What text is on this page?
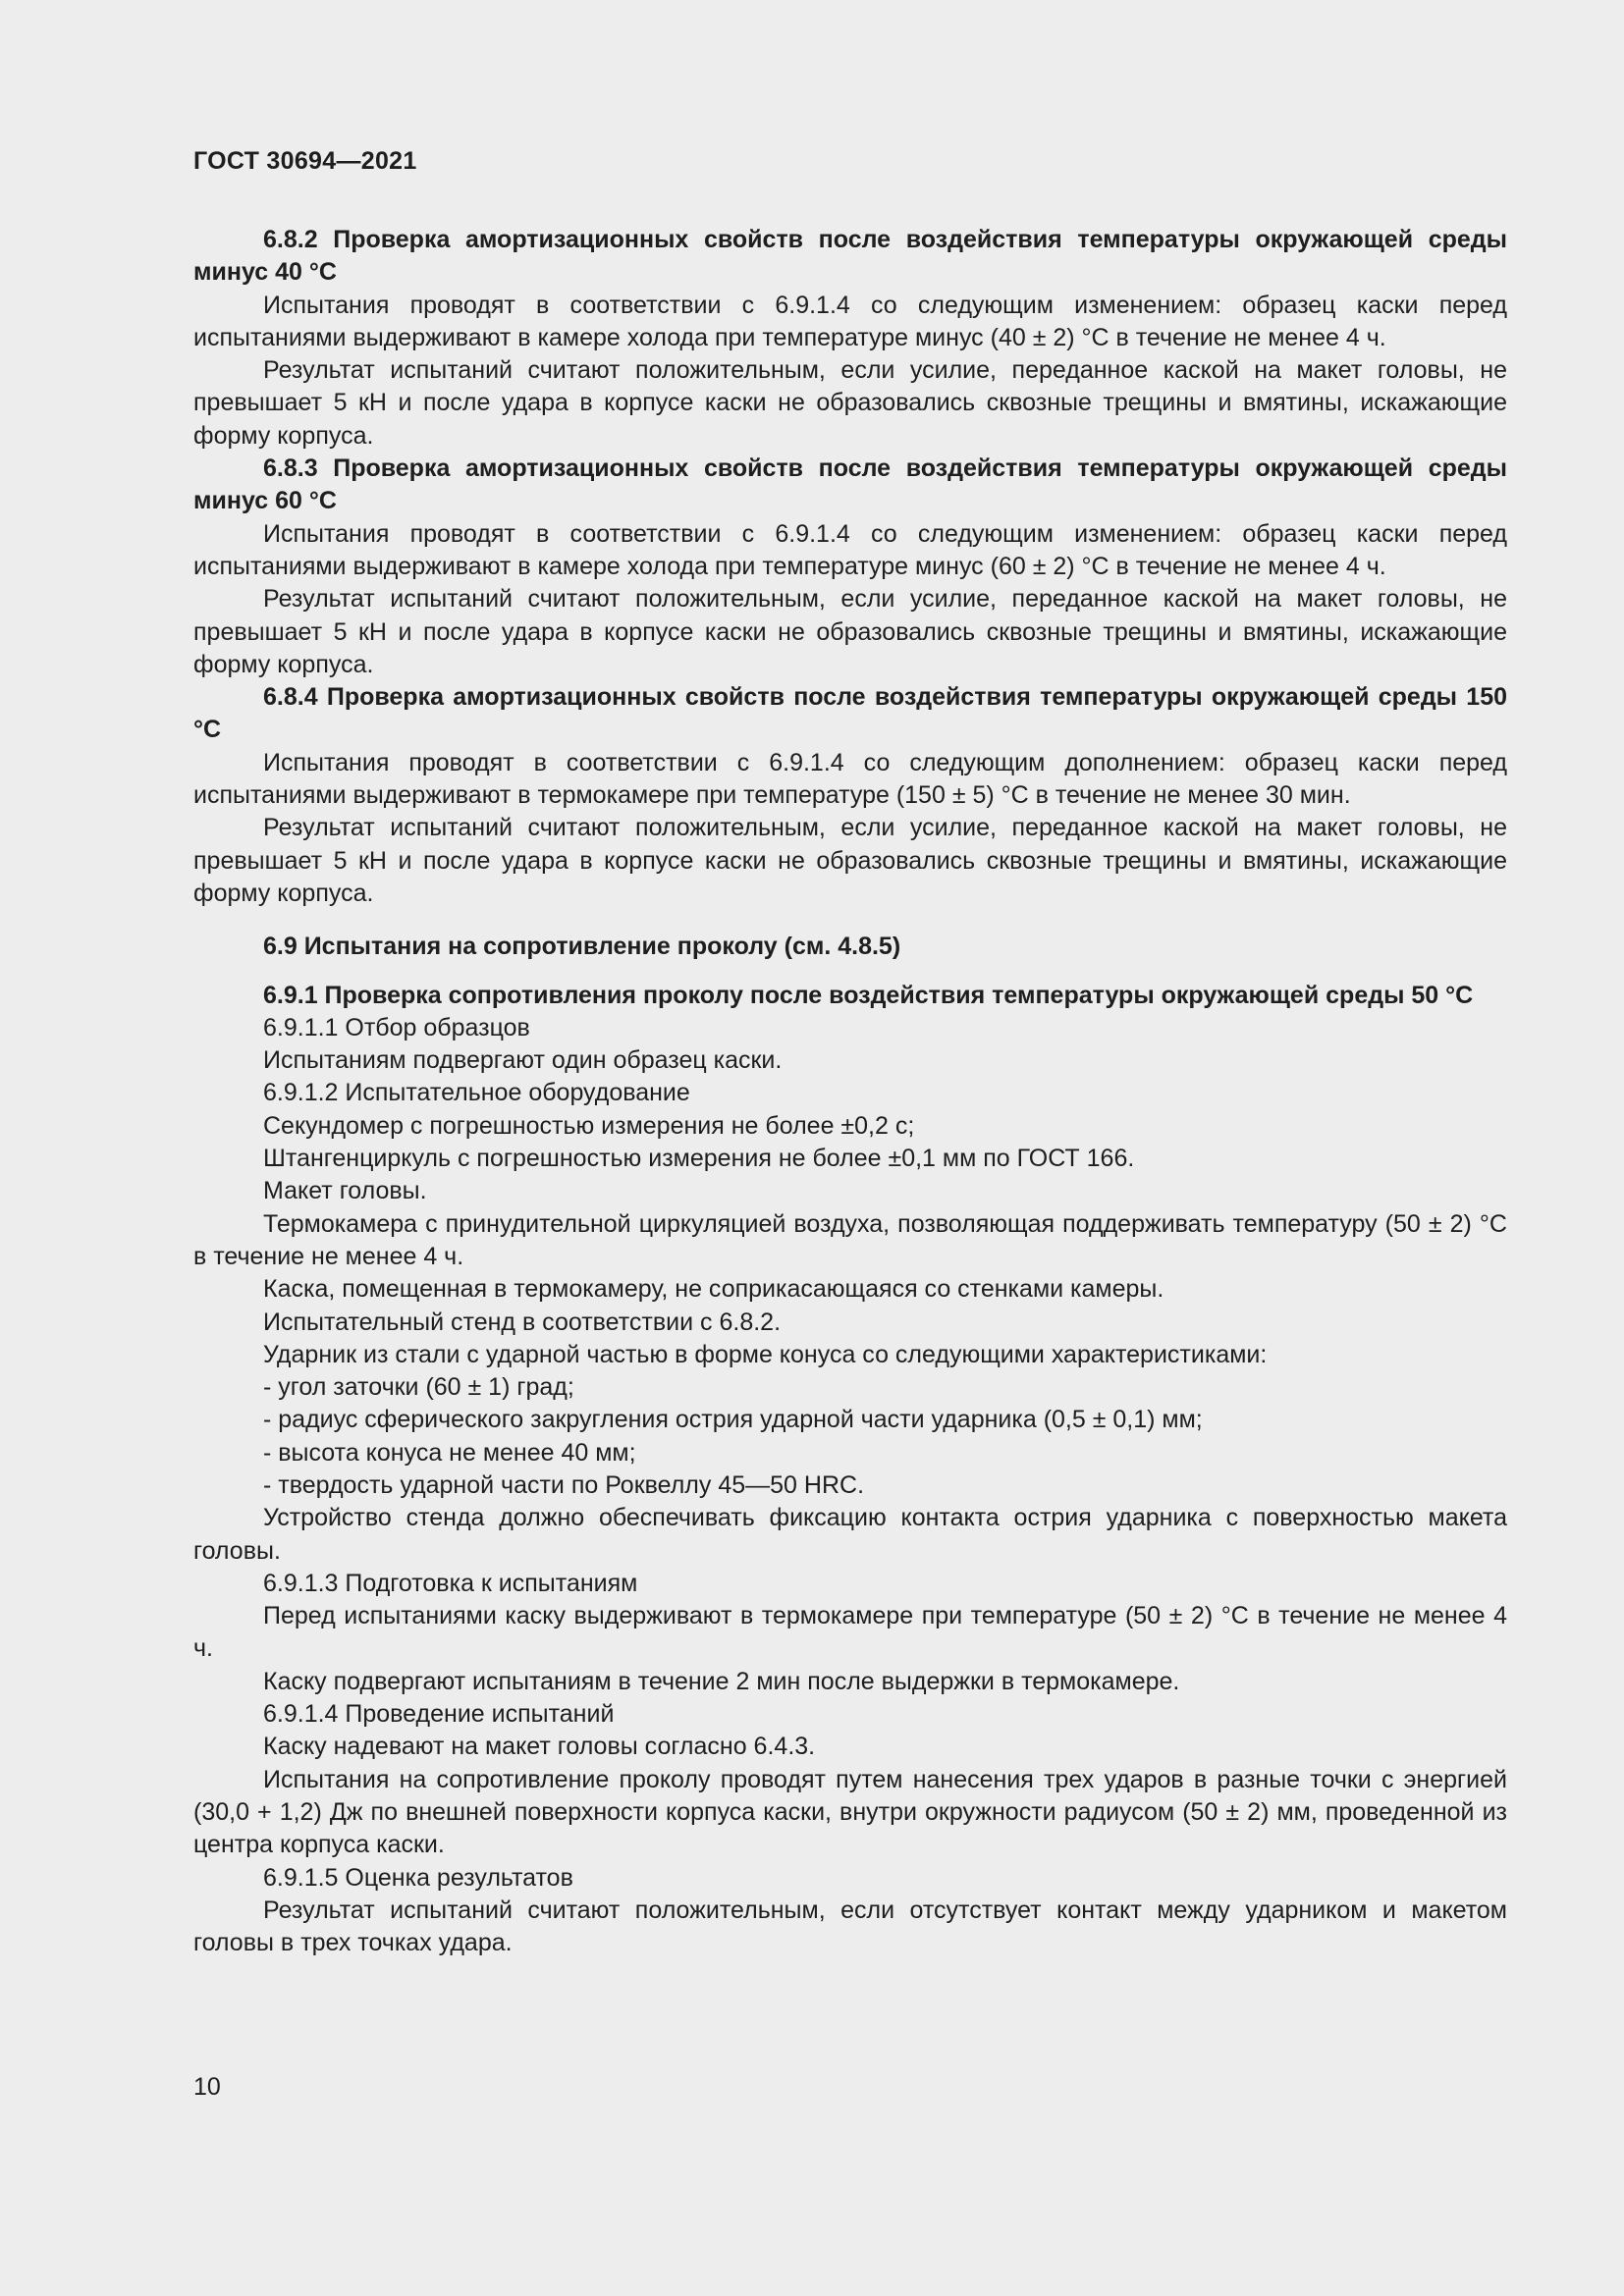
ГОСТ 30694—2021

6.8.2 Проверка амортизационных свойств после воздействия температуры окружающей среды минус 40 °С

Испытания проводят в соответствии с 6.9.1.4 со следующим изменением: образец каски перед испытаниями выдерживают в камере холода при температуре минус (40 ± 2) °С в течение не менее 4 ч.

Результат испытаний считают положительным, если усилие, переданное каской на макет головы, не превышает 5 кН и после удара в корпусе каски не образовались сквозные трещины и вмятины, искажающие форму корпуса.

6.8.3 Проверка амортизационных свойств после воздействия температуры окружающей среды минус 60 °С

Испытания проводят в соответствии с 6.9.1.4 со следующим изменением: образец каски перед испытаниями выдерживают в камере холода при температуре минус (60 ± 2) °С в течение не менее 4 ч.

Результат испытаний считают положительным, если усилие, переданное каской на макет головы, не превышает 5 кН и после удара в корпусе каски не образовались сквозные трещины и вмятины, искажающие форму корпуса.

6.8.4 Проверка амортизационных свойств после воздействия температуры окружающей среды 150 °С

Испытания проводят в соответствии с 6.9.1.4 со следующим дополнением: образец каски перед испытаниями выдерживают в термокамере при температуре (150 ± 5) °С в течение не менее 30 мин.

Результат испытаний считают положительным, если усилие, переданное каской на макет головы, не превышает 5 кН и после удара в корпусе каски не образовались сквозные трещины и вмятины, искажающие форму корпуса.

6.9 Испытания на сопротивление проколу (см. 4.8.5)

6.9.1 Проверка сопротивления проколу после воздействия температуры окружающей среды 50 °С

6.9.1.1 Отбор образцов

Испытаниям подвергают один образец каски.

6.9.1.2 Испытательное оборудование

Секундомер с погрешностью измерения не более ±0,2 с;

Штангенциркуль с погрешностью измерения не более ±0,1 мм по ГОСТ 166.

Макет головы.

Термокамера с принудительной циркуляцией воздуха, позволяющая поддерживать температуру (50 ± 2) °С в течение не менее 4 ч.

Каска, помещенная в термокамеру, не соприкасающаяся со стенками камеры.

Испытательный стенд в соответствии с 6.8.2.

Ударник из стали с ударной частью в форме конуса со следующими характеристиками:

- угол заточки (60 ± 1) град;

- радиус сферического закругления острия ударной части ударника (0,5 ± 0,1) мм;

- высота конуса не менее 40 мм;

- твердость ударной части по Роквеллу 45—50 HRC.

Устройство стенда должно обеспечивать фиксацию контакта острия ударника с поверхностью макета головы.

6.9.1.3 Подготовка к испытаниям

Перед испытаниями каску выдерживают в термокамере при температуре (50 ± 2) °С в течение не менее 4 ч.

Каску подвергают испытаниям в течение 2 мин после выдержки в термокамере.

6.9.1.4 Проведение испытаний

Каску надевают на макет головы согласно 6.4.3.

Испытания на сопротивление проколу проводят путем нанесения трех ударов в разные точки с энергией (30,0 + 1,2) Дж по внешней поверхности корпуса каски, внутри окружности радиусом (50 ± 2) мм, проведенной из центра корпуса каски.

6.9.1.5 Оценка результатов

Результат испытаний считают положительным, если отсутствует контакт между ударником и макетом головы в трех точках удара.

10
